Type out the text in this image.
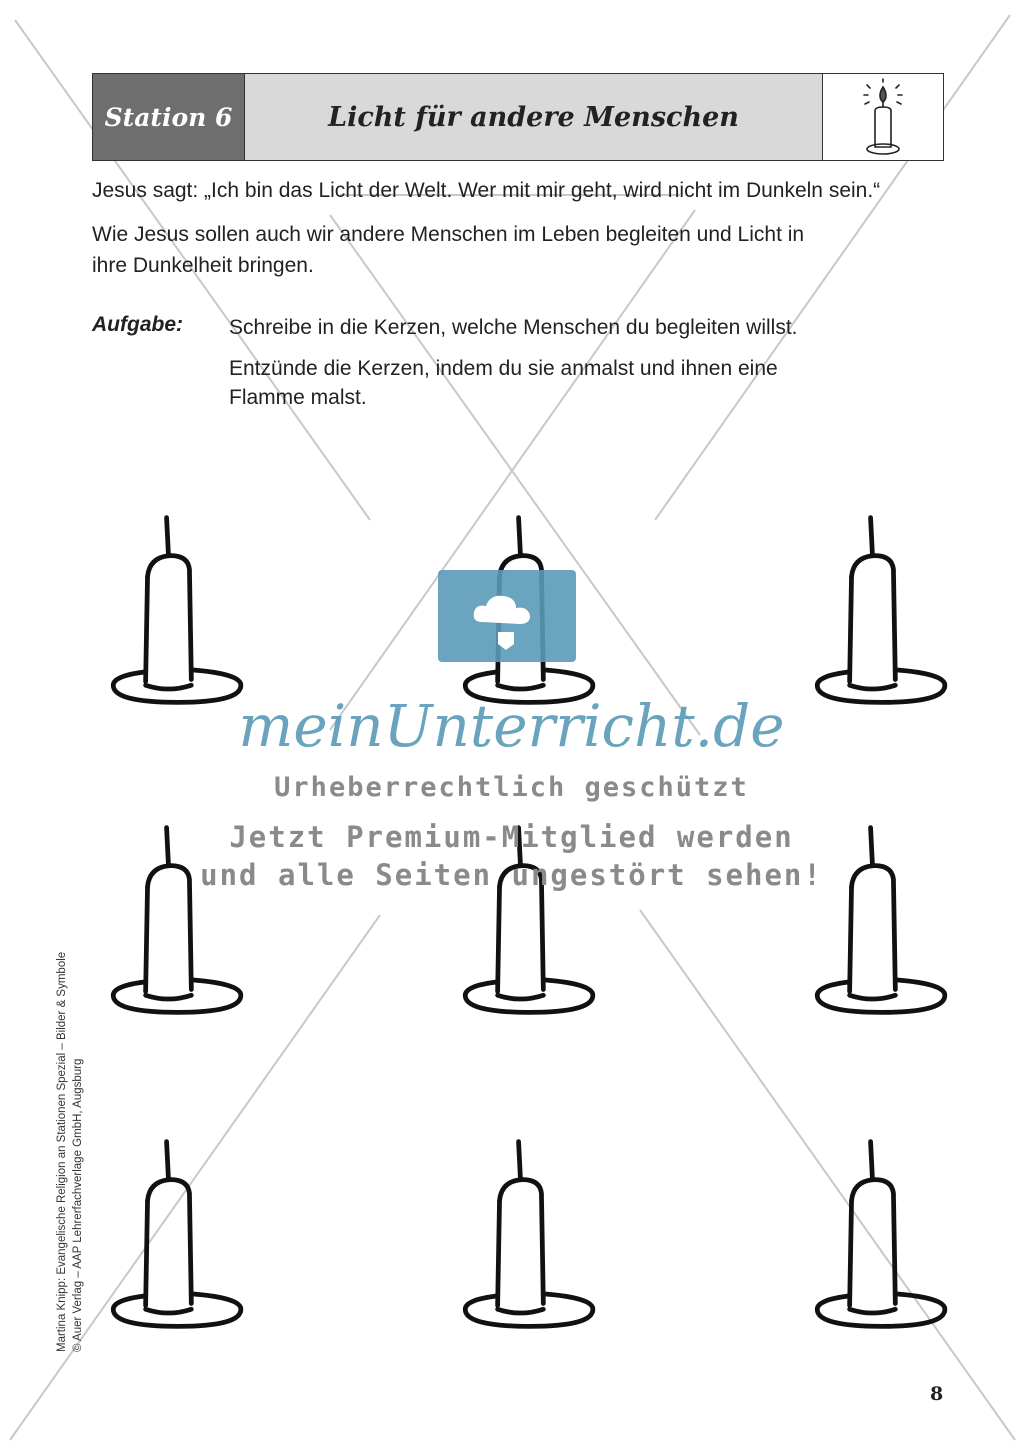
Station 6	Licht für andere Menschen
Jesus sagt: „Ich bin das Licht der Welt. Wer mit mir geht, wird nicht im Dunkeln sein.“
Wie Jesus sollen auch wir andere Menschen im Leben begleiten und Licht in
ihre Dunkelheit bringen.
Aufgabe: Schreibe in die Kerzen, welche Menschen du begleiten willst.
Entzünde die Kerzen, indem du sie anmalst und ihnen eine
Flamme malst.
meinUnterricht.de
Urheberrechtlich geschützt
Jetzt Premium-Mitglied werden
und alle Seiten ungestört sehen!
Martina Knipp: Evangelische Religion an Stationen Spezial – Bilder & Symbole © Auer Verlag – AAP Lehrerfachverlage GmbH, Augsburg
8
